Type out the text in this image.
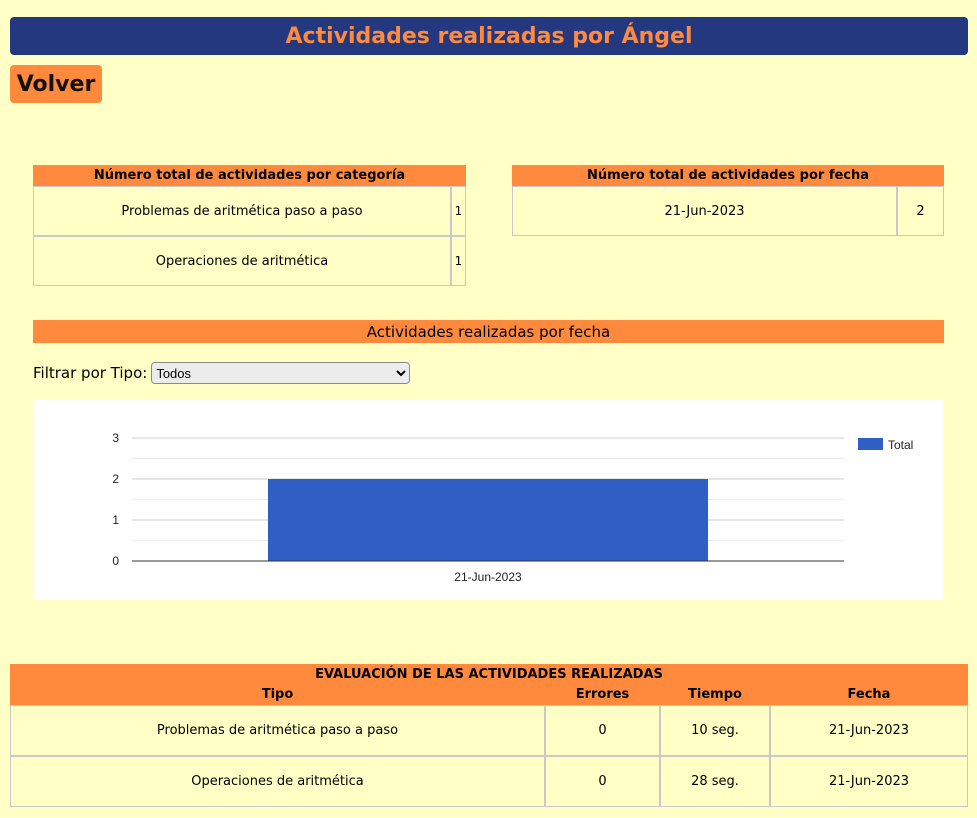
Actividades realizadas por Ángel
Volver
Número total de actividades por categoría	
Problemas de aritmética paso a paso	1
Operaciones de aritmética	1
Número total de actividades por fecha
21-Jun-2023	2
Actividades realizadas por fecha
Filtrar por Tipo:
Todos
0
1
2
3
21-Jun-2023
Total
EVALUACIÓN DE LAS ACTIVIDADES REALIZADAS			
Tipo	Errores	Tiempo	Fecha
Problemas de aritmética paso a paso	0	10 seg.	21-Jun-2023
Operaciones de aritmética	0	28 seg.	21-Jun-2023
